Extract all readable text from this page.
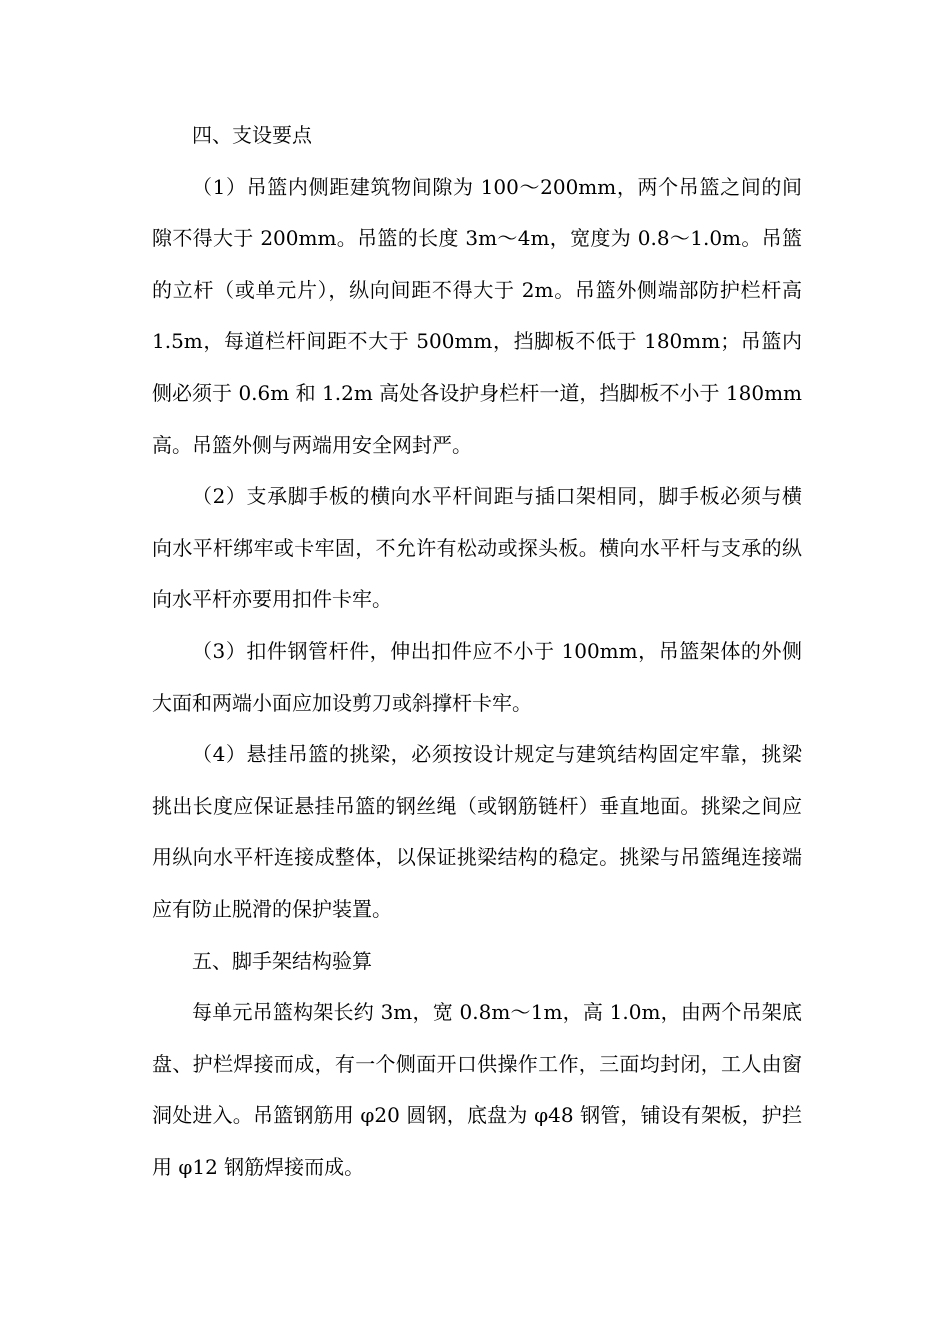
四、支设要点

（1）吊篮内侧距建筑物间隙为 100～200mm，两个吊篮之间的间隙不得大于 200mm。吊篮的长度 3m～4m，宽度为 0.8～1.0m。吊篮的立杆（或单元片），纵向间距不得大于 2m。吊篮外侧端部防护栏杆高 1.5m，每道栏杆间距不大于 500mm，挡脚板不低于 180mm；吊篮内侧必须于 0.6m 和 1.2m 高处各设护身栏杆一道，挡脚板不小于 180mm 高。吊篮外侧与两端用安全网封严。

（2）支承脚手板的横向水平杆间距与插口架相同，脚手板必须与横向水平杆绑牢或卡牢固，不允许有松动或探头板。横向水平杆与支承的纵向水平杆亦要用扣件卡牢。

（3）扣件钢管杆件，伸出扣件应不小于 100mm，吊篮架体的外侧大面和两端小面应加设剪刀或斜撑杆卡牢。

（4）悬挂吊篮的挑梁，必须按设计规定与建筑结构固定牢靠，挑梁挑出长度应保证悬挂吊篮的钢丝绳（或钢筋链杆）垂直地面。挑梁之间应用纵向水平杆连接成整体，以保证挑梁结构的稳定。挑梁与吊篮绳连接端应有防止脱滑的保护装置。

五、脚手架结构验算

每单元吊篮构架长约 3m，宽 0.8m～1m，高 1.0m，由两个吊架底盘、护栏焊接而成，有一个侧面开口供操作工作，三面均封闭，工人由窗洞处进入。吊篮钢筋用 φ20 圆钢，底盘为 φ48 钢管，铺设有架板，护拦用 φ12 钢筋焊接而成。
